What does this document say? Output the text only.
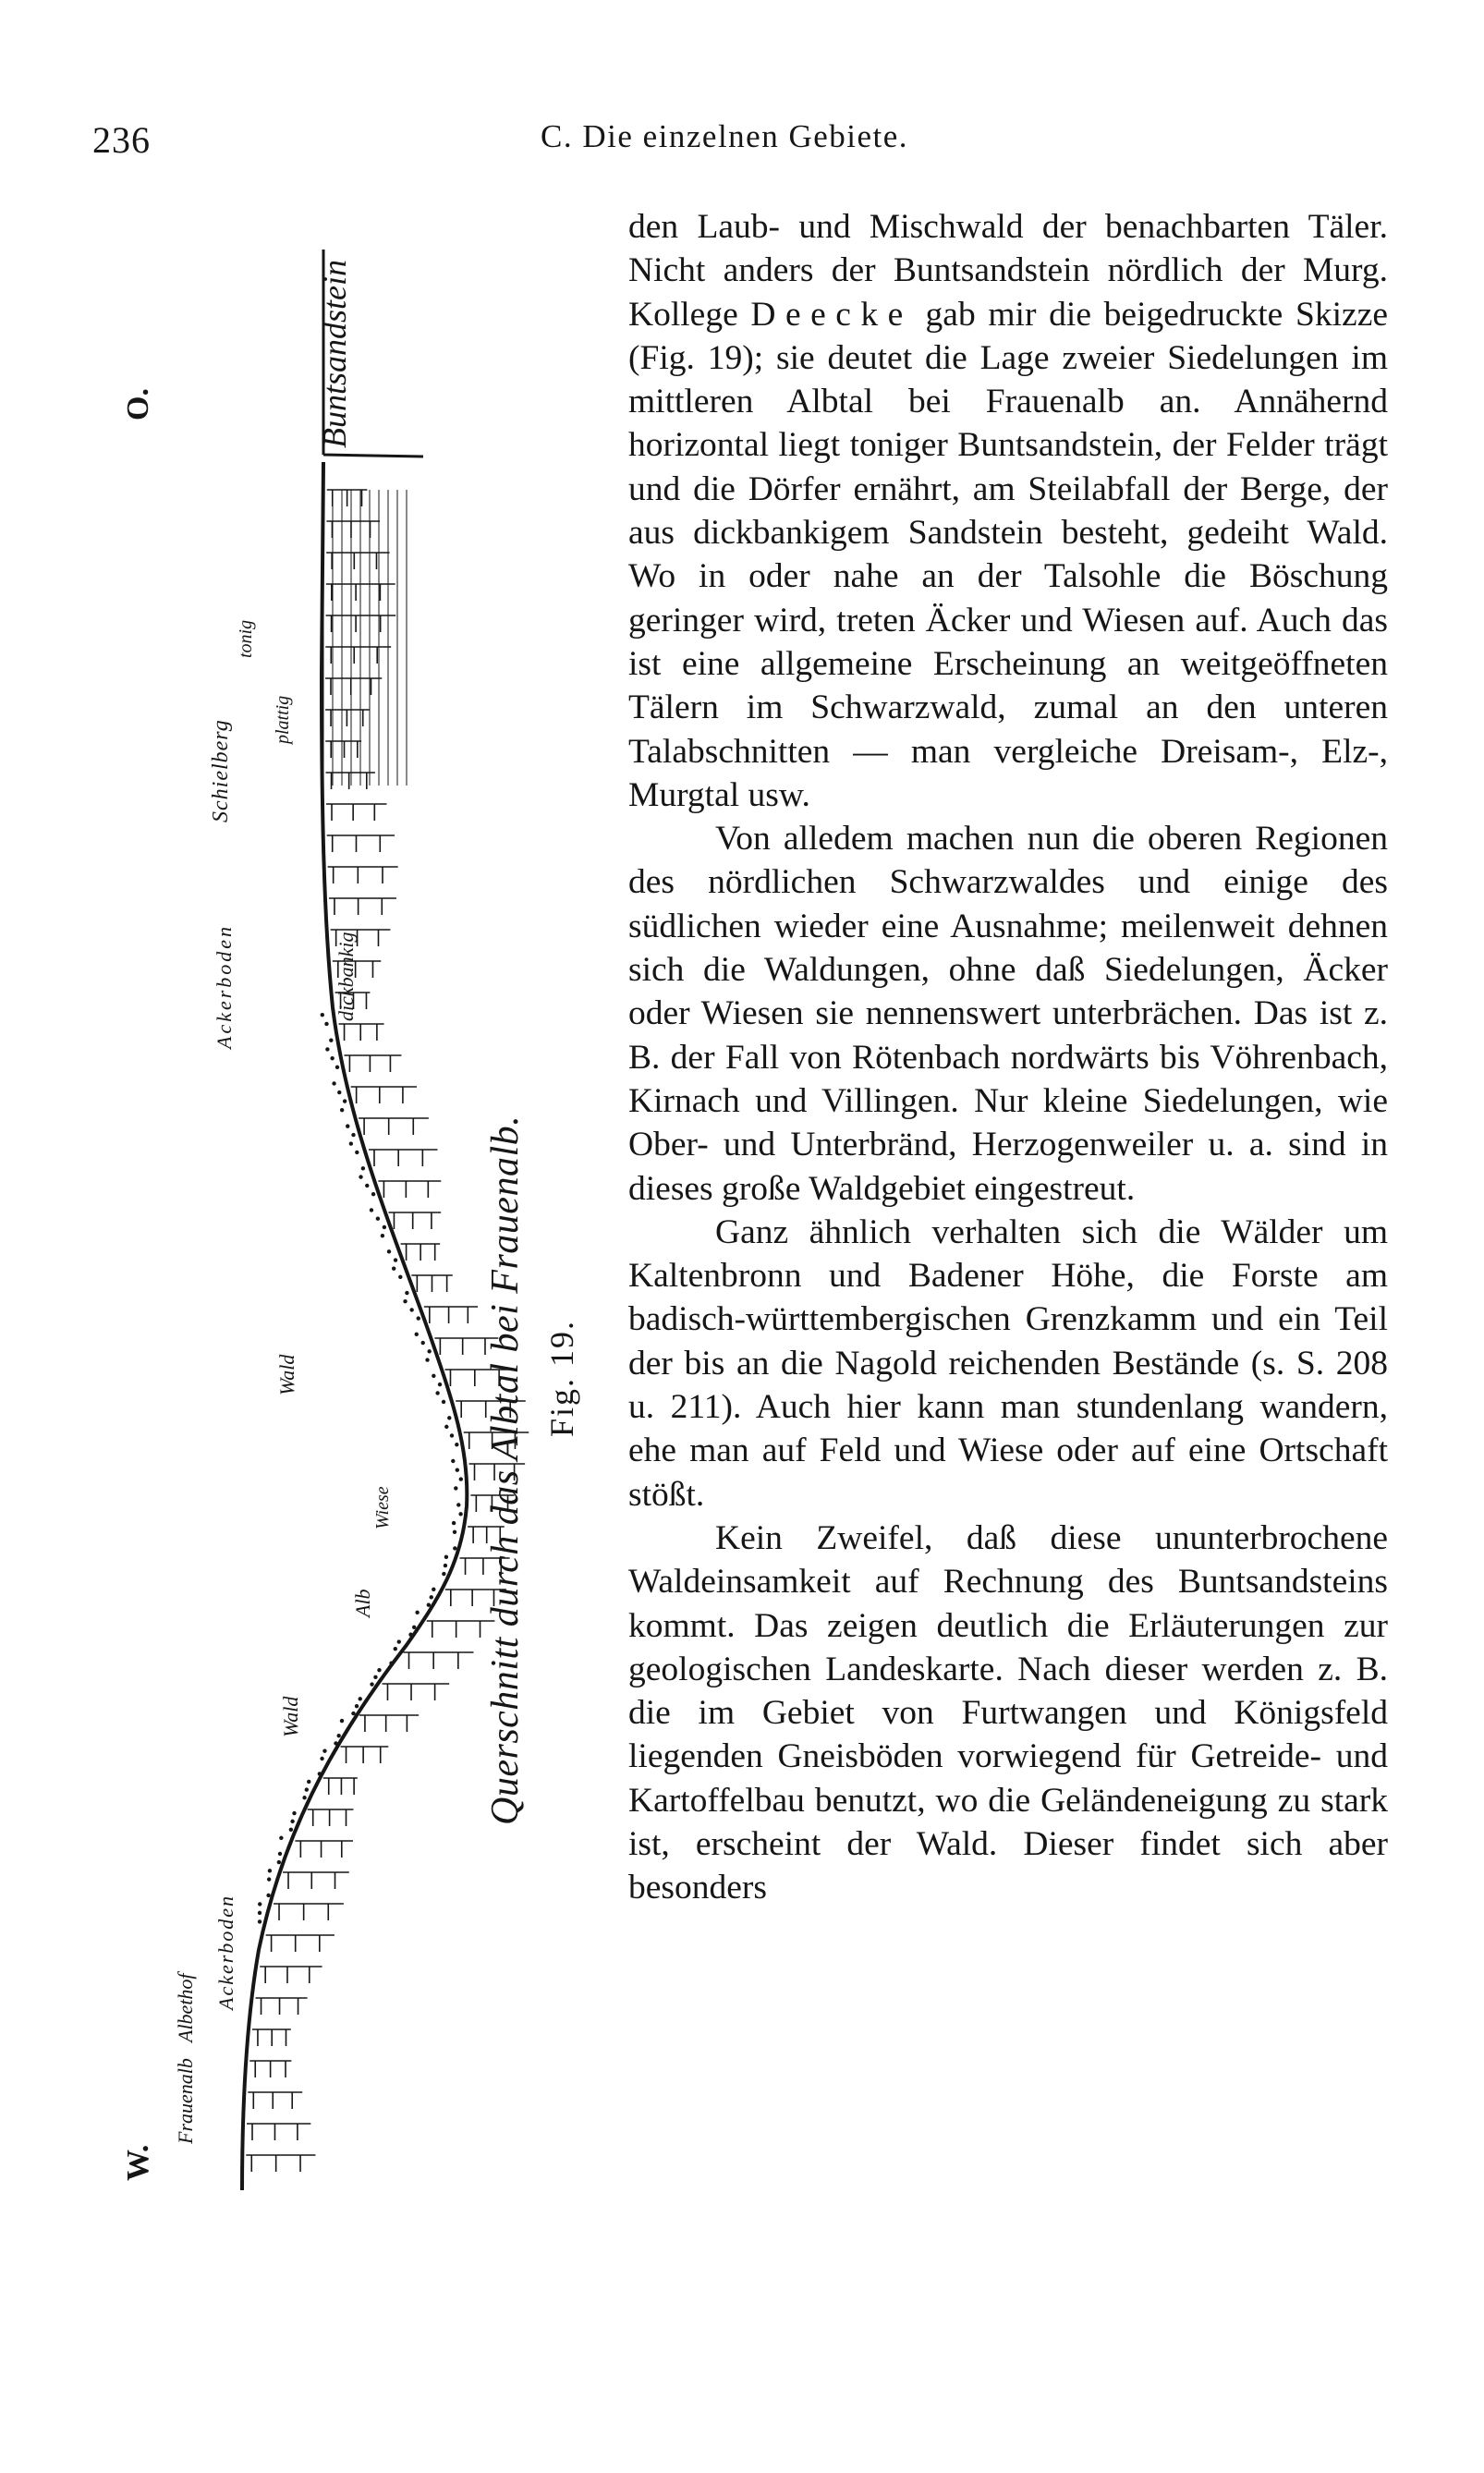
236	C. Die einzelnen Gebiete.
W.
O.
Frauenalb
Albethof Ackerboden
Wald
Alb
Wiese
Wald
dickbankig
Ackerboden
Schielberg plattig
tonig
Buntsandstein
Querschnitt durch das Albtal bei Frauenalb. Fig. 19.

den Laub- und Mischwald der benachbarten Täler. Nicht anders der Buntsandstein nördlich der Murg. Kollege Deecke gab mir die beigedruckte Skizze (Fig. 19); sie deutet die Lage zweier Siedelungen im mittleren Albtal bei Frauenalb an. Annähernd horizontal liegt toniger Buntsandstein, der Felder trägt und die Dörfer ernährt, am Steilabfall der Berge, der aus dickbankigem Sandstein besteht, gedeiht Wald. Wo in oder nahe an der Talsohle die Böschung geringer wird, treten Äcker und Wiesen auf. Auch das ist eine allgemeine Erscheinung an weitgeöffneten Tälern im Schwarzwald, zumal an den unteren Talabschnitten — man vergleiche Dreisam-, Elz-, Murgtal usw.

Von alledem machen nun die oberen Regionen des nördlichen Schwarzwaldes und einige des südlichen wieder eine Ausnahme; meilenweit dehnen sich die Waldungen, ohne daß Siedelungen, Äcker oder Wiesen sie nennenswert unterbrächen. Das ist z. B. der Fall von Rötenbach nordwärts bis Vöhrenbach, Kirnach und Villingen. Nur kleine Siedelungen, wie Ober- und Unterbränd, Herzogenweiler u. a. sind in dieses große Waldgebiet eingestreut.

Ganz ähnlich verhalten sich die Wälder um Kaltenbronn und Badener Höhe, die Forste am badisch-württembergischen Grenzkamm und ein Teil der bis an die Nagold reichenden Bestände (s. S. 208 u. 211). Auch hier kann man stundenlang wandern, ehe man auf Feld und Wiese oder auf eine Ortschaft stößt.

Kein Zweifel, daß diese ununterbrochene Waldeinsamkeit auf Rechnung des Buntsandsteins kommt. Das zeigen deutlich die Erläuterungen zur geologischen Landeskarte. Nach dieser werden z. B. die im Gebiet von Furtwangen und Königsfeld liegenden Gneisböden vorwiegend für Getreide- und Kartoffelbau benutzt, wo die Geländeneigung zu stark ist, erscheint der Wald. Dieser findet sich aber besonders
